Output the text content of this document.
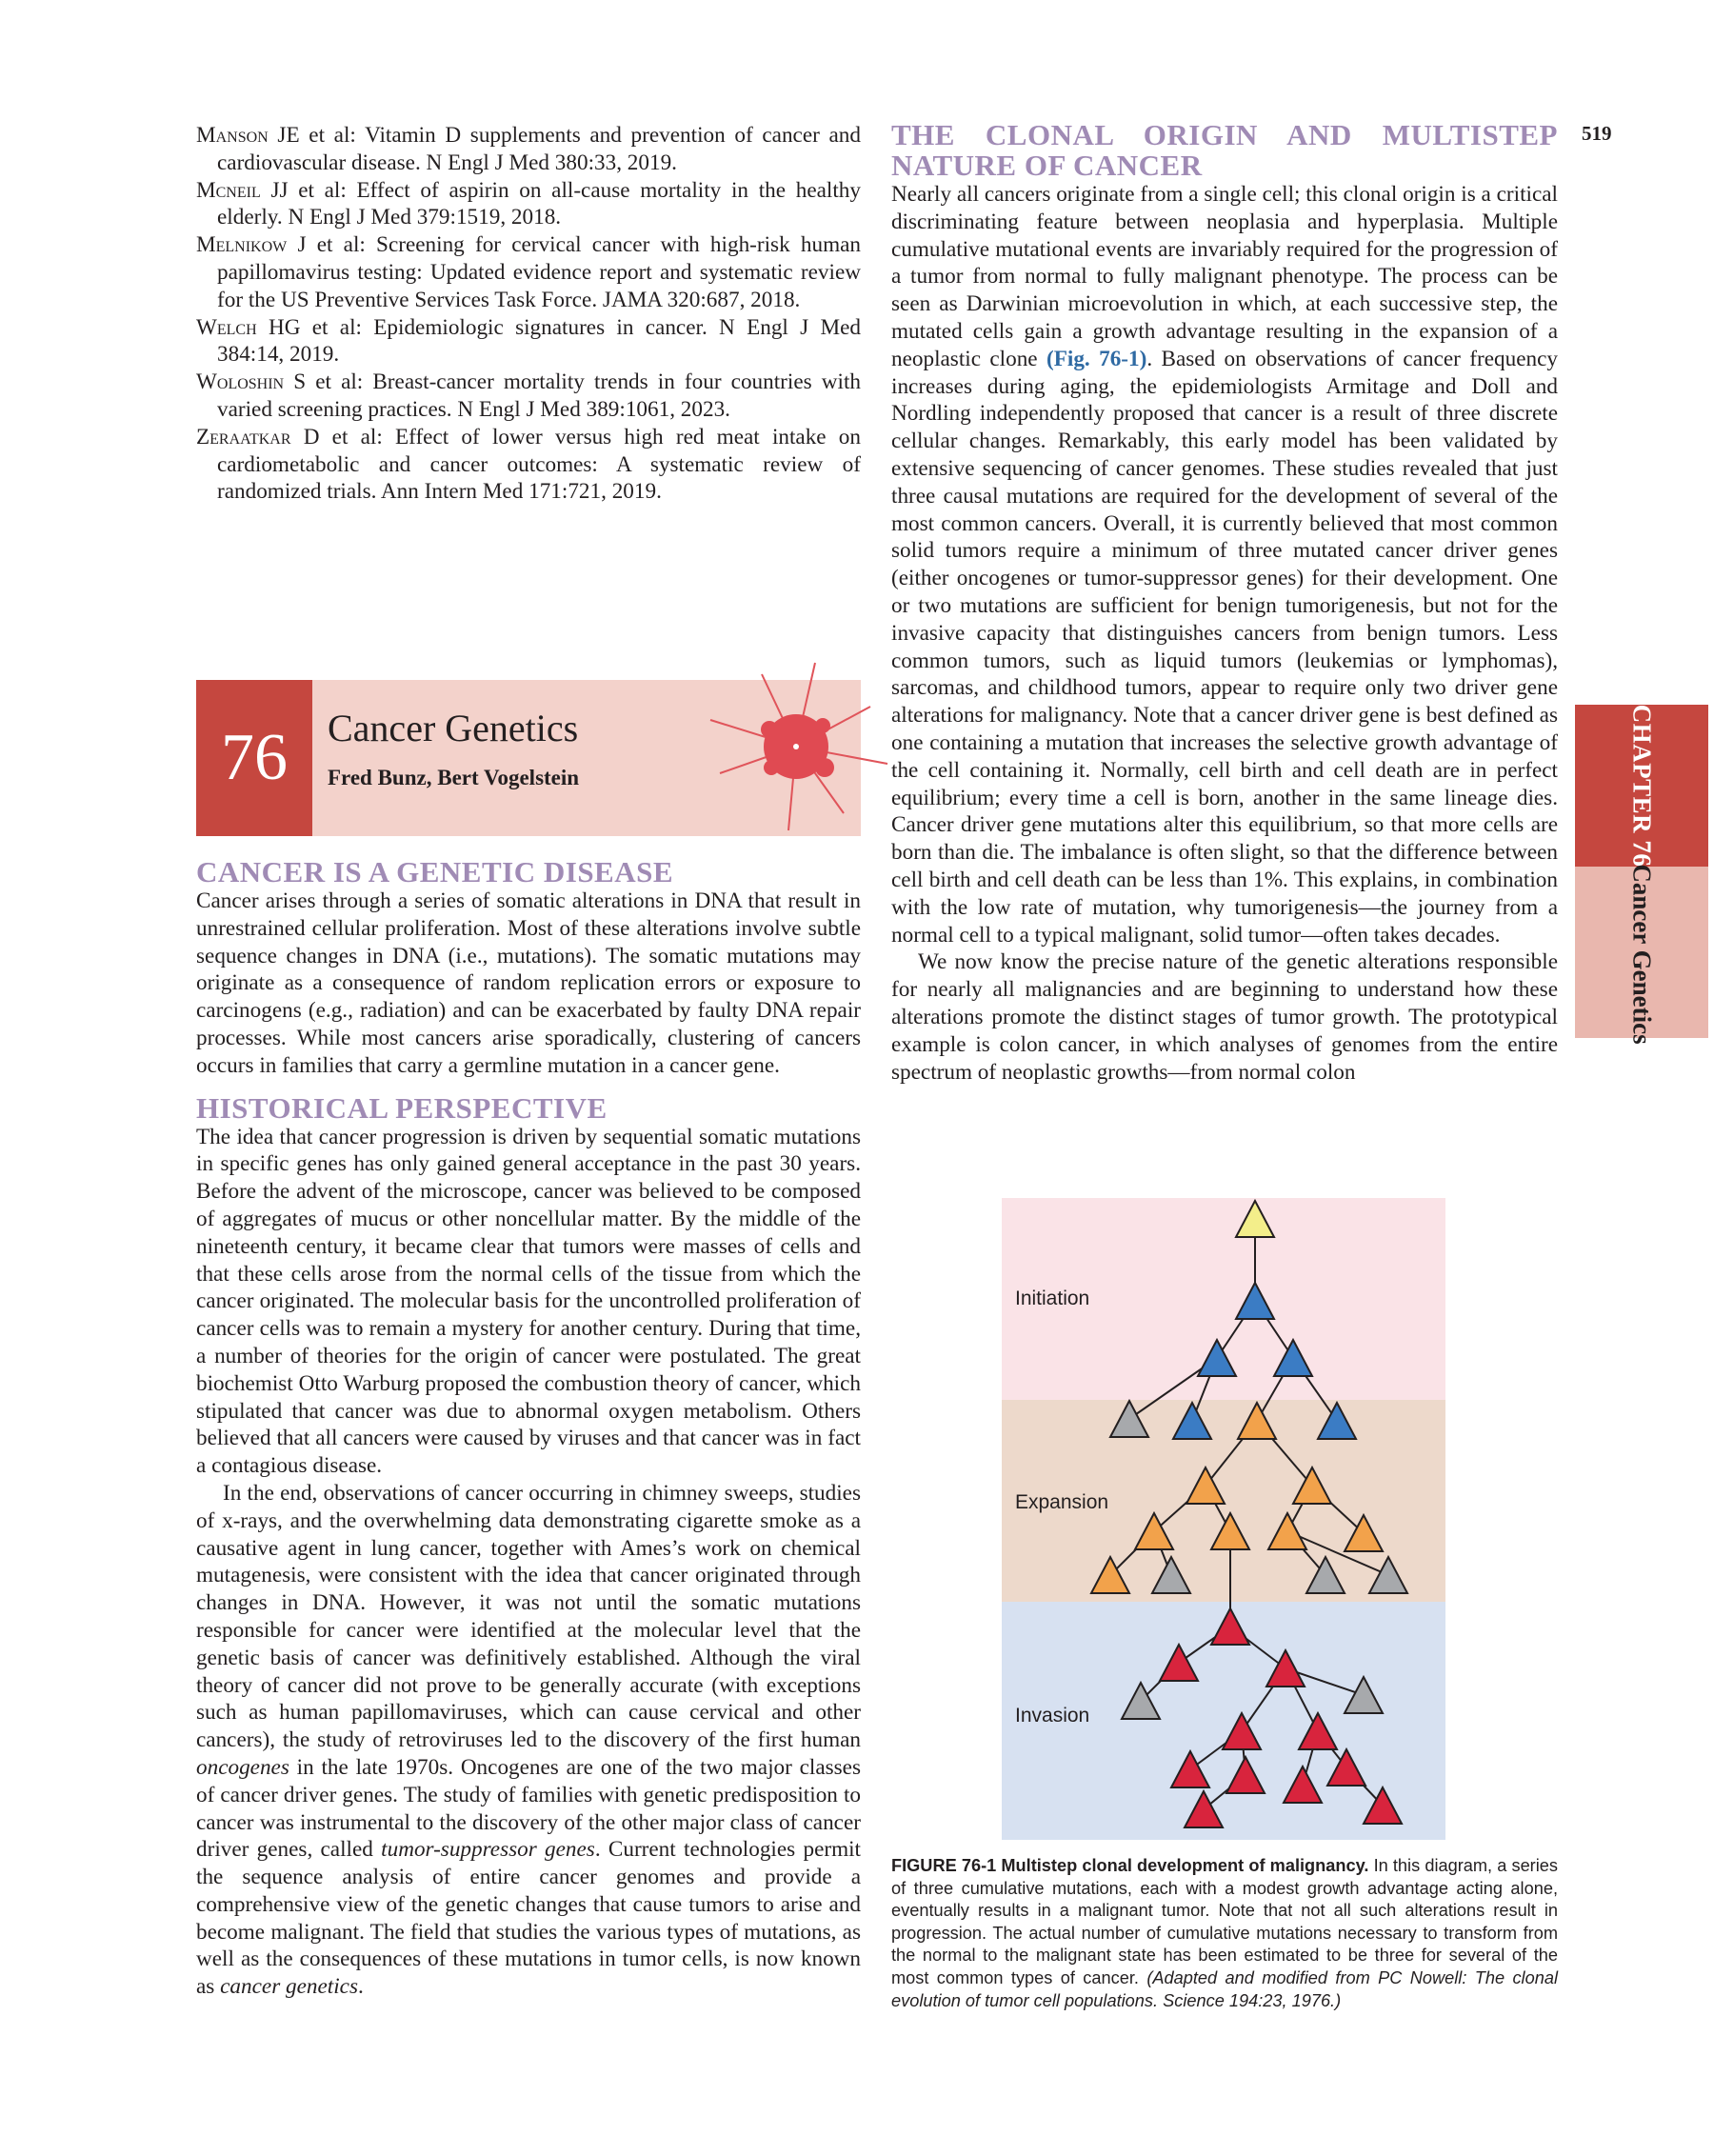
519

Manson JE et al: Vitamin D supplements and prevention of cancer and cardiovascular disease. N Engl J Med 380:33, 2019.

Mcneil JJ et al: Effect of aspirin on all-cause mortality in the healthy elderly. N Engl J Med 379:1519, 2018.

Melnikow J et al: Screening for cervical cancer with high-risk human papillomavirus testing: Updated evidence report and systematic review for the US Preventive Services Task Force. JAMA 320:687, 2018.

Welch HG et al: Epidemiologic signatures in cancer. N Engl J Med 384:14, 2019.

Woloshin S et al: Breast-cancer mortality trends in four countries with varied screening practices. N Engl J Med 389:1061, 2023.

Zeraatkar D et al: Effect of lower versus high red meat intake on cardiometabolic and cancer outcomes: A systematic review of randomized trials. Ann Intern Med 171:721, 2019.

76	Cancer Genetics
Fred Bunz, Bert Vogelstein
CANCER IS A GENETIC DISEASE

Cancer arises through a series of somatic alterations in DNA that result in unrestrained cellular proliferation. Most of these alterations involve subtle sequence changes in DNA (i.e., mutations). The somatic mutations may originate as a consequence of random replication errors or exposure to carcinogens (e.g., radiation) and can be exacerbated by faulty DNA repair processes. While most cancers arise sporadically, clustering of cancers occurs in families that carry a germline mutation in a cancer gene.

HISTORICAL PERSPECTIVE

The idea that cancer progression is driven by sequential somatic mutations in specific genes has only gained general acceptance in the past 30 years. Before the advent of the microscope, cancer was believed to be composed of aggregates of mucus or other noncellular matter. By the middle of the nineteenth century, it became clear that tumors were masses of cells and that these cells arose from the normal cells of the tissue from which the cancer originated. The molecular basis for the uncontrolled proliferation of cancer cells was to remain a mystery for another century. During that time, a number of theories for the origin of cancer were postulated. The great biochemist Otto Warburg proposed the combustion theory of cancer, which stipulated that cancer was due to abnormal oxygen metabolism. Others believed that all cancers were caused by viruses and that cancer was in fact a contagious disease.

In the end, observations of cancer occurring in chimney sweeps, studies of x-rays, and the overwhelming data demonstrating cigarette smoke as a causative agent in lung cancer, together with Ames’s work on chemical mutagenesis, were consistent with the idea that cancer originated through changes in DNA. However, it was not until the somatic mutations responsible for cancer were identified at the molecular level that the genetic basis of cancer was definitively established. Although the viral theory of cancer did not prove to be generally accurate (with exceptions such as human papillomaviruses, which can cause cervical and other cancers), the study of retroviruses led to the discovery of the first human oncogenes in the late 1970s. Oncogenes are one of the two major classes of cancer driver genes. The study of families with genetic predisposition to cancer was instrumental to the discovery of the other major class of cancer driver genes, called tumor-suppressor genes. Current technologies permit the sequence analysis of entire cancer genomes and provide a comprehensive view of the genetic changes that cause tumors to arise and become malignant. The field that studies the various types of mutations, as well as the consequences of these mutations in tumor cells, is now known as cancer genetics.

THE CLONAL ORIGIN AND MULTISTEP NATURE OF CANCER

Nearly all cancers originate from a single cell; this clonal origin is a critical discriminating feature between neoplasia and hyperplasia. Multiple cumulative mutational events are invariably required for the progression of a tumor from normal to fully malignant phenotype. The process can be seen as Darwinian microevolution in which, at each successive step, the mutated cells gain a growth advantage resulting in the expansion of a neoplastic clone (Fig. 76-1). Based on observations of cancer frequency increases during aging, the epidemiologists Armitage and Doll and Nordling independently proposed that cancer is a result of three discrete cellular changes. Remarkably, this early model has been validated by extensive sequencing of cancer genomes. These studies revealed that just three causal mutations are required for the development of several of the most common cancers. Overall, it is currently believed that most common solid tumors require a minimum of three mutated cancer driver genes (either oncogenes or tumor-suppressor genes) for their development. One or two mutations are sufficient for benign tumorigenesis, but not for the invasive capacity that distinguishes cancers from benign tumors. Less common tumors, such as liquid tumors (leukemias or lymphomas), sarcomas, and childhood tumors, appear to require only two driver gene alterations for malignancy. Note that a cancer driver gene is best defined as one containing a mutation that increases the selective growth advantage of the cell containing it. Normally, cell birth and cell death are in perfect equilibrium; every time a cell is born, another in the same lineage dies. Cancer driver gene mutations alter this equilibrium, so that more cells are born than die. The imbalance is often slight, so that the difference between cell birth and cell death can be less than 1%. This explains, in combination with the low rate of mutation, why tumorigenesis—the journey from a normal cell to a typical malignant, solid tumor—often takes decades.

We now know the precise nature of the genetic alterations responsible for nearly all malignancies and are beginning to understand how these alterations promote the distinct stages of tumor growth. The prototypical example is colon cancer, in which analyses of genomes from the entire spectrum of neoplastic growths—from normal colon

CHAPTER 76
Cancer Genetics
Initiation
Expansion
Invasion
FIGURE 76-1 Multistep clonal development of malignancy. In this diagram, a series of three cumulative mutations, each with a modest growth advantage acting alone, eventually results in a malignant tumor. Note that not all such alterations result in progression. The actual number of cumulative mutations necessary to transform from the normal to the malignant state has been estimated to be three for several of the most common types of cancer. (Adapted and modified from PC Nowell: The clonal evolution of tumor cell populations. Science 194:23, 1976.)
